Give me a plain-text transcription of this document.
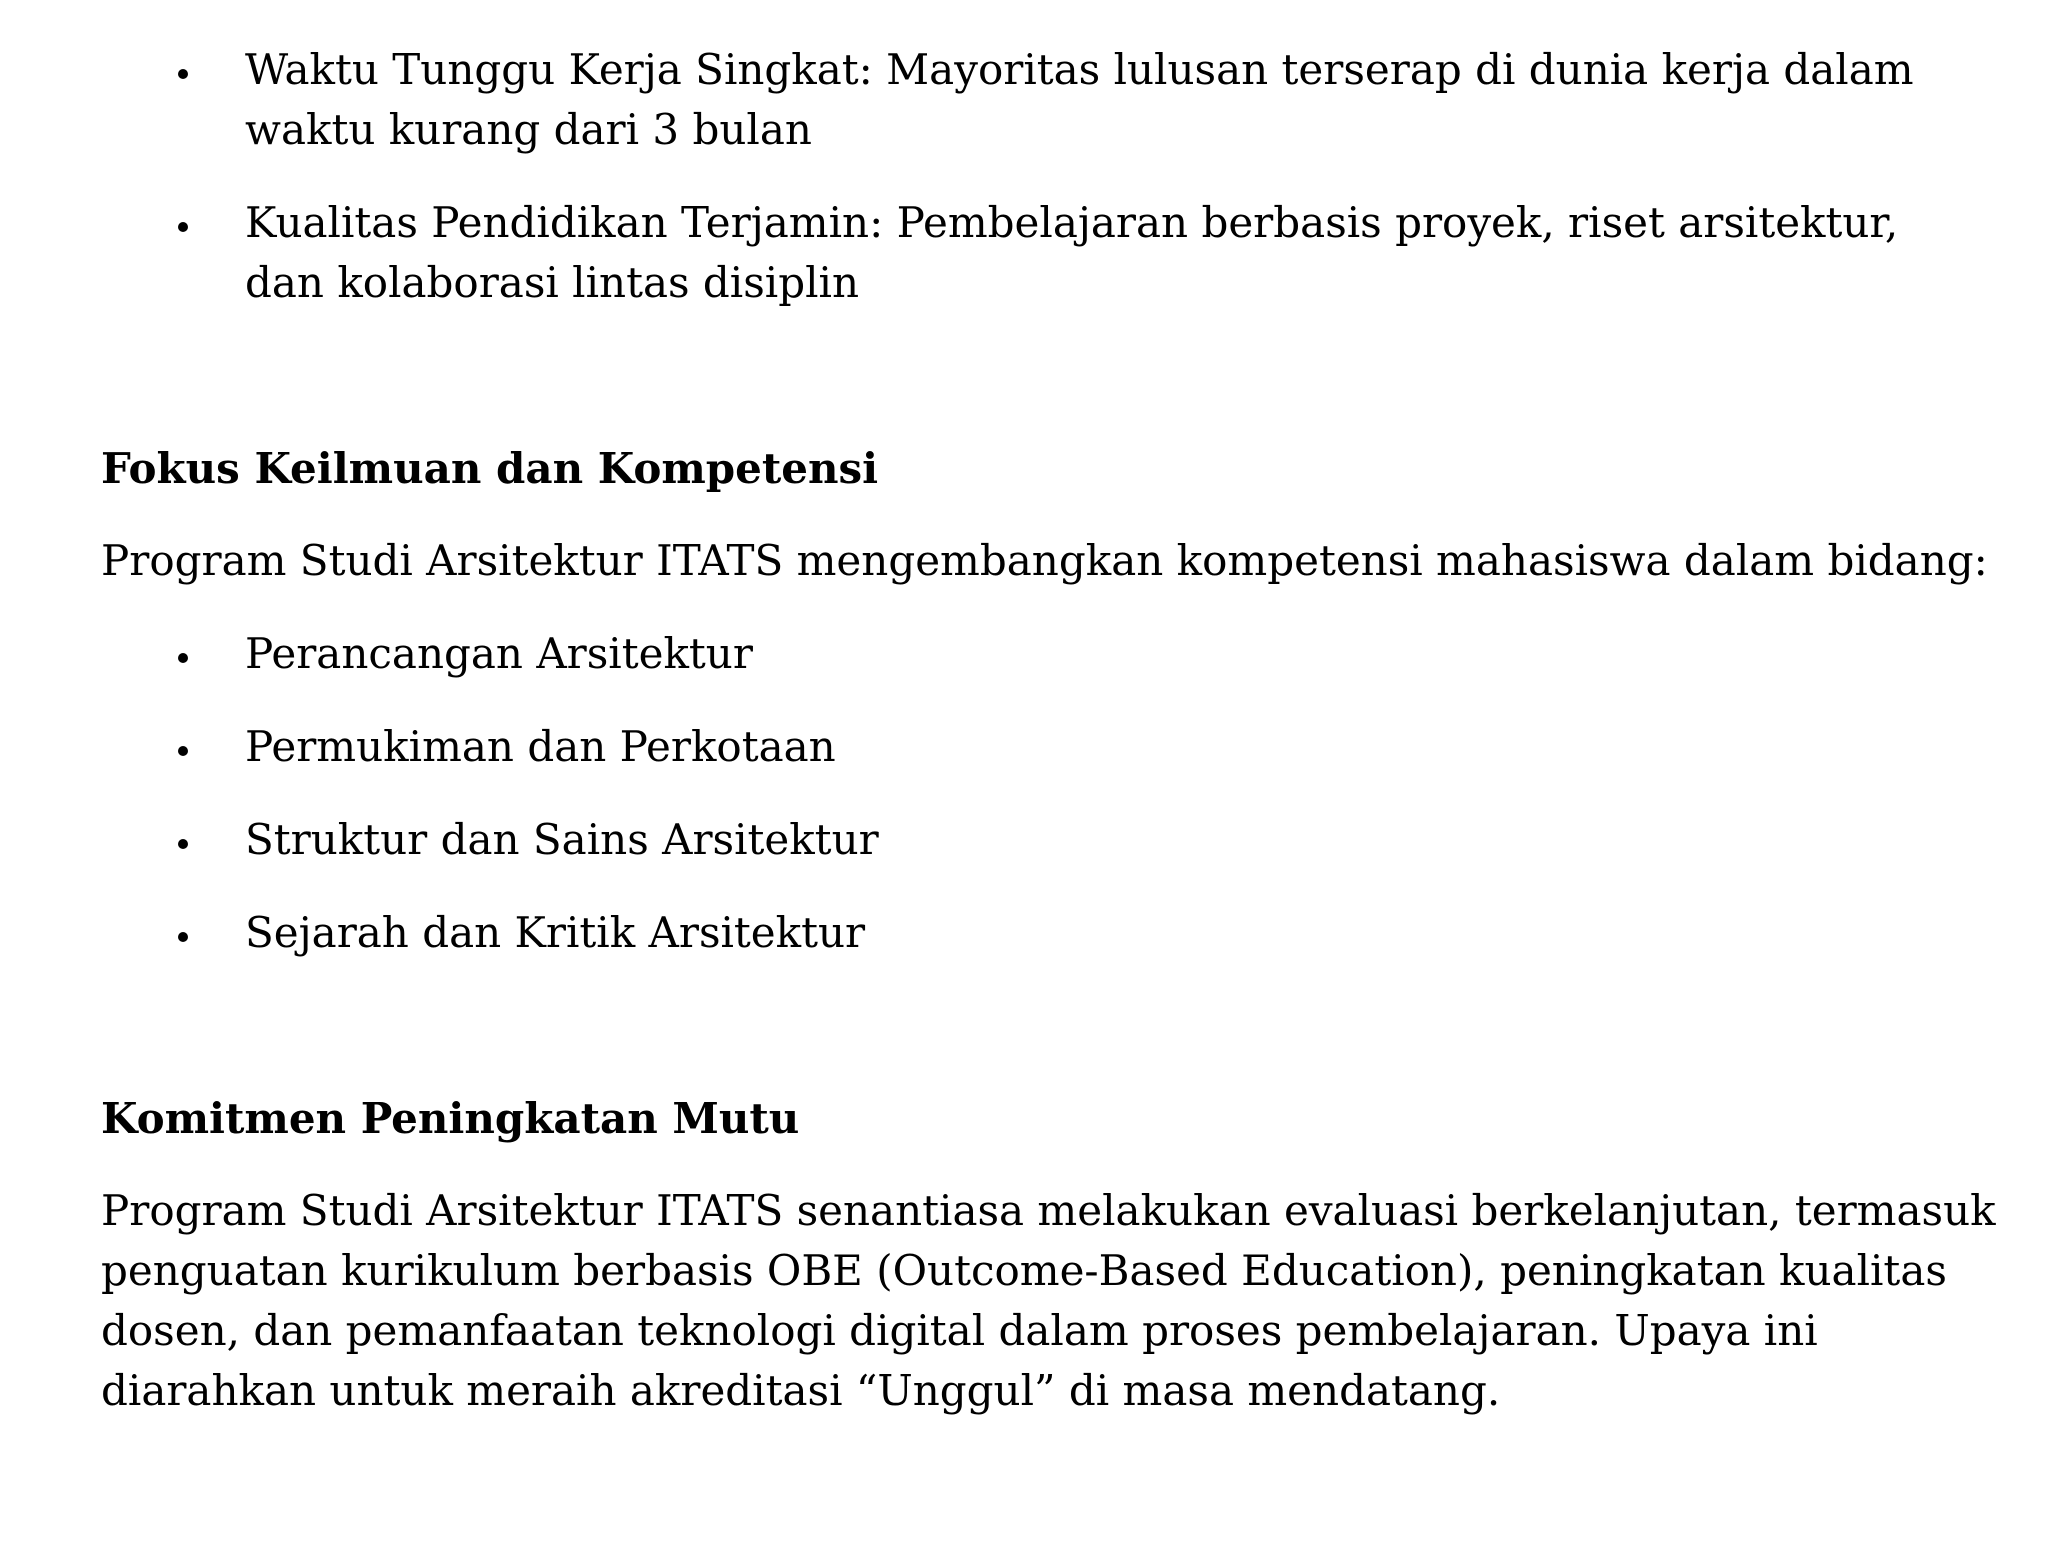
Waktu Tunggu Kerja Singkat: Mayoritas lulusan terserap di dunia kerja dalam
waktu kurang dari 3 bulan
Kualitas Pendidikan Terjamin: Pembelajaran berbasis proyek, riset arsitektur,
dan kolaborasi lintas disiplin
Fokus Keilmuan dan Kompetensi
Program Studi Arsitektur ITATS mengembangkan kompetensi mahasiswa dalam bidang:
Perancangan Arsitektur
Permukiman dan Perkotaan
Struktur dan Sains Arsitektur
Sejarah dan Kritik Arsitektur
Komitmen Peningkatan Mutu
Program Studi Arsitektur ITATS senantiasa melakukan evaluasi berkelanjutan, termasuk
penguatan kurikulum berbasis OBE (Outcome-Based Education), peningkatan kualitas
dosen, dan pemanfaatan teknologi digital dalam proses pembelajaran. Upaya ini
diarahkan untuk meraih akreditasi “Unggul” di masa mendatang.
